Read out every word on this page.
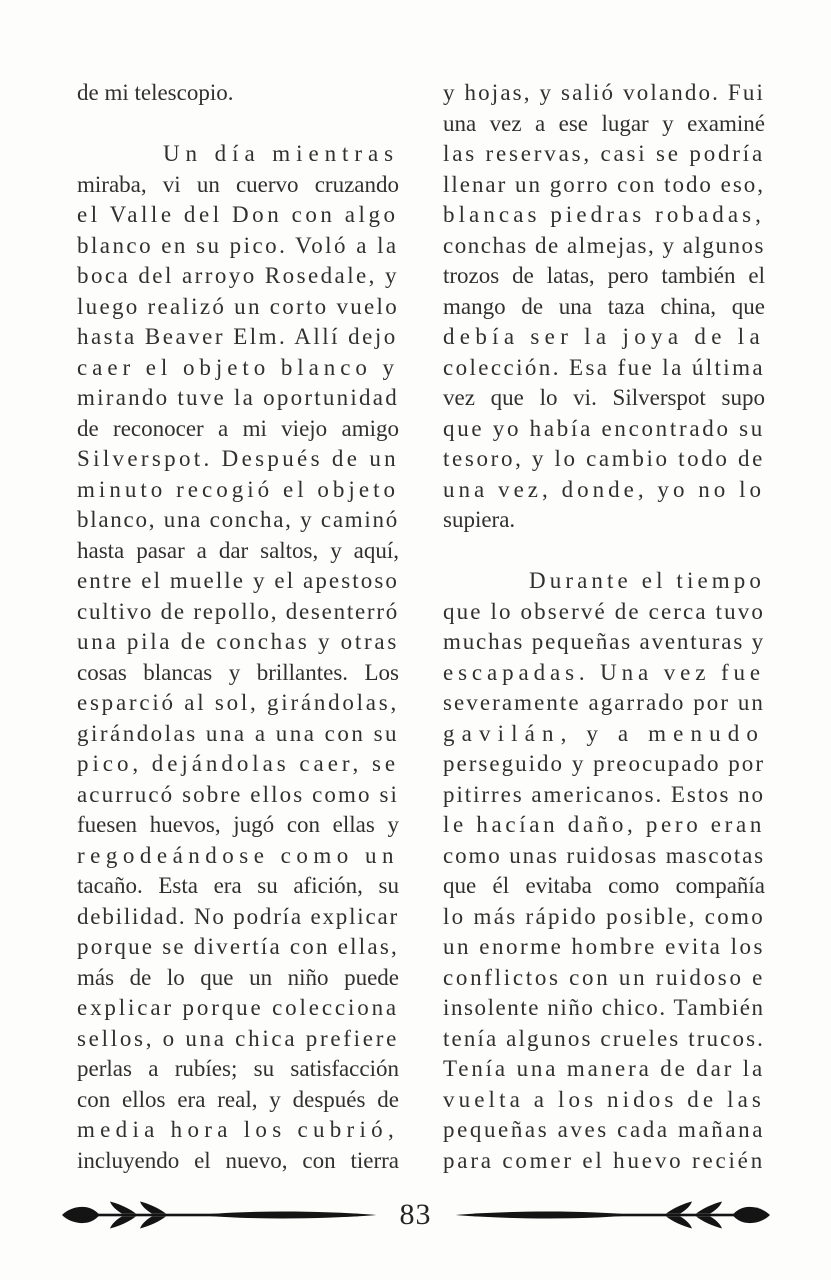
de mi telescopio.
Un día mientras
miraba, vi un cuervo cruzando
el Valle del Don con algo
blanco en su pico. Voló a la
boca del arroyo Rosedale, y
luego realizó un corto vuelo
hasta Beaver Elm. Allí dejo
caer el objeto blanco y
mirando tuve la oportunidad
de reconocer a mi viejo amigo
Silverspot. Después de un
minuto recogió el objeto
blanco, una concha, y caminó
hasta pasar a dar saltos, y aquí,
entre el muelle y el apestoso
cultivo de repollo, desenterró
una pila de conchas y otras
cosas blancas y brillantes. Los
esparció al sol, girándolas,
girándolas una a una con su
pico, dejándolas caer, se
acurrucó sobre ellos como si
fuesen huevos, jugó con ellas y
regodeándose como un
tacaño. Esta era su afición, su
debilidad. No podría explicar
porque se divertía con ellas,
más de lo que un niño puede
explicar porque colecciona
sellos, o una chica prefiere
perlas a rubíes; su satisfacción
con ellos era real, y después de
media hora los cubrió,
incluyendo el nuevo, con tierra
y hojas, y salió volando. Fui
una vez a ese lugar y examiné
las reservas, casi se podría
llenar un gorro con todo eso,
blancas piedras robadas,
conchas de almejas, y algunos
trozos de latas, pero también el
mango de una taza china, que
debía ser la joya de la
colección. Esa fue la última
vez que lo vi. Silverspot supo
que yo había encontrado su
tesoro, y lo cambio todo de
una vez, donde, yo no lo
supiera.
Durante el tiempo
que lo observé de cerca tuvo
muchas pequeñas aventuras y
escapadas. Una vez fue
severamente agarrado por un
gavilán, y a menudo
perseguido y preocupado por
pitirres americanos. Estos no
le hacían daño, pero eran
como unas ruidosas mascotas
que él evitaba como compañía
lo más rápido posible, como
un enorme hombre evita los
conflictos con un ruidoso e
insolente niño chico. También
tenía algunos crueles trucos.
Tenía una manera de dar la
vuelta a los nidos de las
pequeñas aves cada mañana
para comer el huevo recién
83
